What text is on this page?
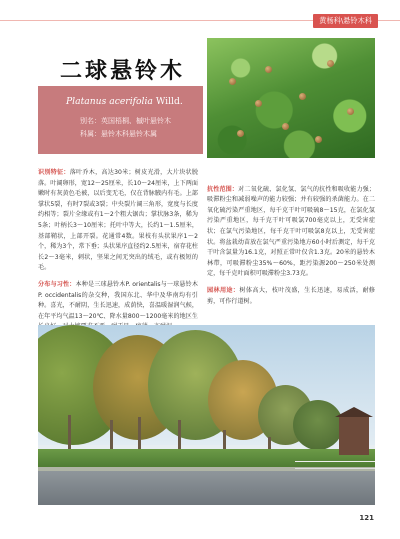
黄杨科\悬铃木科
二球悬铃木
Platanus acerifolia Willd.
别名：英国梧桐、槭叶悬铃木
科属：悬铃木科悬铃木属

识别特征：落叶乔木，高达30米；树皮光滑，大片块状脱落。叶阔卵形，宽12～25厘米，长10～24厘米，上下两面嫩时有灰黄色毛被，以后变无毛，仅在背脉腋内有毛。上部掌状5裂，有时7裂或3裂；中央裂片阔三角形，宽度与长度约相等；裂片全缘或有1～2个粗大锯齿；掌状脉3条，稀为5条；叶柄长3～10厘米；托叶中等大，长约1～1.5厘米，基部鞘状，上部开裂。花通常4数。果枝有头状果序1～2个，稀为3个，常下垂；头状果序直径约2.5厘米，宿存花柱长2～3毫米，刺状，坚果之间无突出的绒毛，或有极短的毛。

分布与习性：本种是三球悬铃木P. orientalis与一球悬铃木P. occidentalis的杂交种，我国东北、华中及华南均有引种。喜光，不耐阴，生长迅速，成荫快，喜温暖湿润气候，在年平均气温13～20℃、降水量800～1200毫米的地区生

抗性范围：对二氧化硫、氯化氢、氯气的抗性和吸收能力强；吸滞粉尘和减弱噪声的能力较强；并有较强的杀菌能力。在二氧化硫污染严重地区，每千克干叶可吸硫8～15克，在氯化氢污染严重地区，每千克干叶可吸氯700毫克以上，无受害症状；在氯气污染地区，每千克干叶可吸氯8克以上，无受害症状。将盆栽幼苗放在氯气严重污染地方60小时后测定，每千克干叶含氯量为16.1克，对照正常叶仅含1.3克。20米的悬铃木林带，可吸滞粉尘35%～60%，距污染源200～250米处测定，每千克叶面积可吸滞粉尘3.73克。

园林用途：树体高大，枝叶茂盛，生长迅速，易成活，耐修剪，可作行道树。

121
